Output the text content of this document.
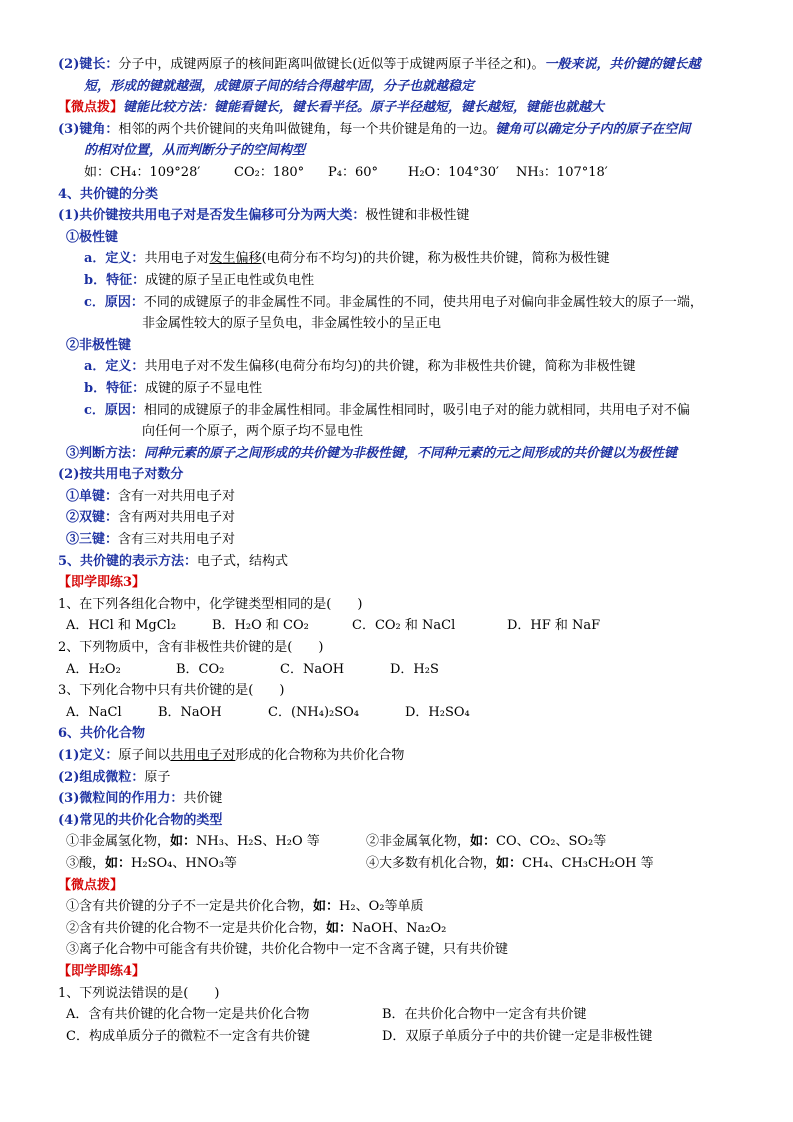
(2)键长：分子中，成键两原子的核间距离叫做键长(近似等于成键两原子半径之和)。一般来说，共价键的键长越
短，形成的键就越强，成键原子间的结合得越牢固，分子也就越稳定
【微点拨】键能比较方法：键能看键长，键长看半径。原子半径越短，键长越短，键能也就越大
(3)键角：相邻的两个共价键间的夹角叫做键角，每一个共价键是角的一边。键角可以确定分子内的原子在空间
的相对位置，从而判断分子的空间构型
如：CH₄：109°28′	CO₂：180° P₄：60° H₂O：104°30′ NH₃：107°18′
4、共价键的分类
(1)共价键按共用电子对是否发生偏移可分为两大类：极性键和非极性键
①极性键
a．定义：共用电子对发生偏移(电荷分布不均匀)的共价键，称为极性共价键，简称为极性键
b．特征：成键的原子呈正电性或负电性
c．原因：不同的成键原子的非金属性不同。非金属性的不同，使共用电子对偏向非金属性较大的原子一端，
非金属性较大的原子呈负电，非金属性较小的呈正电
②非极性键
a．定义：共用电子对不发生偏移(电荷分布均匀)的共价键，称为非极性共价键，简称为非极性键
b．特征：成键的原子不显电性
c．原因：相同的成键原子的非金属性相同。非金属性相同时，吸引电子对的能力就相同，共用电子对不偏
向任何一个原子，两个原子均不显电性
③判断方法：同种元素的原子之间形成的共价键为非极性键，不同种元素的元之间形成的共价键以为极性键
(2)按共用电子对数分
①单键：含有一对共用电子对
②双键：含有两对共用电子对
③三键：含有三对共用电子对
5、共价键的表示方法：电子式，结构式
【即学即练3】
1、在下列各组化合物中，化学键类型相同的是(　　)
A．HCl 和 MgCl₂	B．H₂O 和 CO₂	C．CO₂ 和 NaCl	D．HF 和 NaF
2、下列物质中，含有非极性共价键的是(　　)
A．H₂O₂	B．CO₂	C．NaOH	D．H₂S
3、下列化合物中只有共价键的是(　　)
A．NaCl	B．NaOH	C．(NH₄)₂SO₄	D．H₂SO₄
6、共价化合物
(1)定义：原子间以共用电子对形成的化合物称为共价化合物
(2)组成微粒：原子
(3)微粒间的作用力：共价键
(4)常见的共价化合物的类型
①非金属氢化物，如：NH₃、H₂S、H₂O 等	②非金属氧化物，如：CO、CO₂、SO₂等
③酸，如：H₂SO₄、HNO₃等	④大多数有机化合物，如：CH₄、CH₃CH₂OH 等
【微点拨】
①含有共价键的分子不一定是共价化合物，如：H₂、O₂等单质
②含有共价键的化合物不一定是共价化合物，如：NaOH、Na₂O₂
③离子化合物中可能含有共价键，共价化合物中一定不含离子键，只有共价键
【即学即练4】
1、下列说法错误的是(　　)
A．含有共价键的化合物一定是共价化合物	B．在共价化合物中一定含有共价键
C．构成单质分子的微粒不一定含有共价键	D．双原子单质分子中的共价键一定是非极性键
